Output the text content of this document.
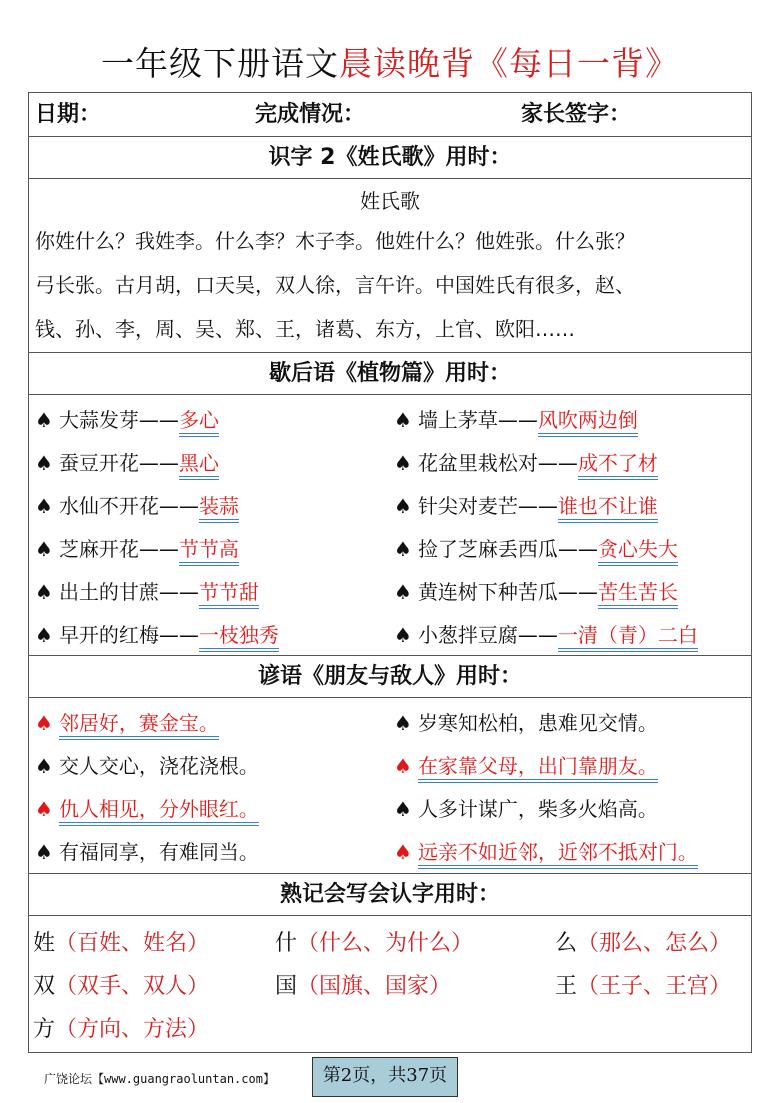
一年级下册语文晨读晚背《每日一背》
日期：	完成情况：	家长签字：
识字 2《姓氏歌》用时：
姓氏歌
你姓什么？我姓李。什么李？木子李。他姓什么？他姓张。什么张？
弓长张。古月胡，口天吴，双人徐，言午许。中国姓氏有很多，赵、
钱、孙、李，周、吴、郑、王，诸葛、东方，上官、欧阳……
歇后语《植物篇》用时：
♠ 大蒜发芽——多心	♠ 墙上茅草——风吹两边倒
♠ 蚕豆开花——黑心	♠ 花盆里栽松对——成不了材
♠ 水仙不开花——装蒜	♠ 针尖对麦芒——谁也不让谁
♠ 芝麻开花——节节高	♠ 捡了芝麻丢西瓜——贪心失大
♠ 出土的甘蔗——节节甜	♠ 黄连树下种苦瓜——苦生苦长
♠ 早开的红梅——一枝独秀	♠ 小葱拌豆腐——一清（青）二白
谚语《朋友与敌人》用时：
♠ 邻居好，赛金宝。	♠ 岁寒知松柏，患难见交情。
♠ 交人交心，浇花浇根。	♠ 在家靠父母，出门靠朋友。
♠ 仇人相见，分外眼红。	♠ 人多计谋广，柴多火焰高。
♠ 有福同享，有难同当。	♠ 远亲不如近邻，近邻不抵对门。
熟记会写会认字用时：
姓（百姓、姓名）	什（什么、为什么）	么（那么、怎么）
双（双手、双人）	国（国旗、国家）	王（王子、王宫）
方（方向、方法）
广饶论坛【www.guangraoluntan.com】	第2页，共37页
